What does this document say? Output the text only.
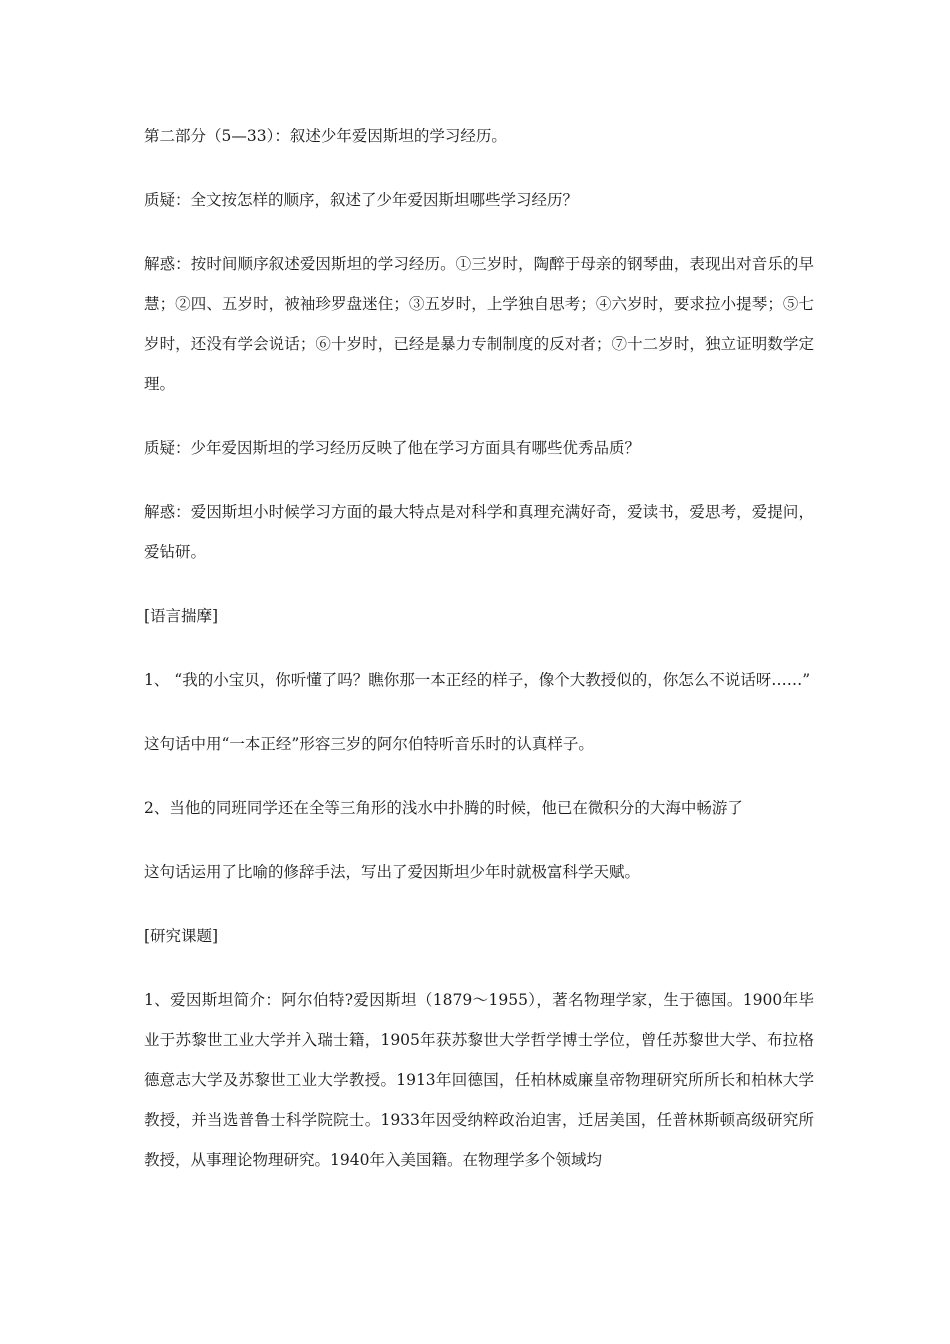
第二部分（5—33）：叙述少年爱因斯坦的学习经历。

质疑：全文按怎样的顺序，叙述了少年爱因斯坦哪些学习经历？

解惑：按时间顺序叙述爱因斯坦的学习经历。①三岁时，陶醉于母亲的钢琴曲，表现出对音乐的早慧；②四、五岁时，被袖珍罗盘迷住；③五岁时，上学独自思考；④六岁时，要求拉小提琴；⑤七岁时，还没有学会说话；⑥十岁时，已经是暴力专制制度的反对者；⑦十二岁时，独立证明数学定理。

质疑：少年爱因斯坦的学习经历反映了他在学习方面具有哪些优秀品质？

解惑：爱因斯坦小时候学习方面的最大特点是对科学和真理充满好奇，爱读书，爱思考，爱提问，爱钻研。

[语言揣摩]

1、 “我的小宝贝，你听懂了吗？瞧你那一本正经的样子，像个大教授似的，你怎么不说话呀……”

这句话中用“一本正经”形容三岁的阿尔伯特听音乐时的认真样子。

2、当他的同班同学还在全等三角形的浅水中扑腾的时候，他已在微积分的大海中畅游了

这句话运用了比喻的修辞手法，写出了爱因斯坦少年时就极富科学天赋。

[研究课题]

1、爱因斯坦简介：阿尔伯特?爱因斯坦（1879～1955），著名物理学家，生于德国。1900年毕业于苏黎世工业大学并入瑞士籍，1905年获苏黎世大学哲学博士学位，曾任苏黎世大学、布拉格德意志大学及苏黎世工业大学教授。1913年回德国，任柏林威廉皇帝物理研究所所长和柏林大学教授，并当选普鲁士科学院院士。1933年因受纳粹政治迫害，迁居美国，任普林斯顿高级研究所教授，从事理论物理研究。1940年入美国籍。在物理学多个领域均
